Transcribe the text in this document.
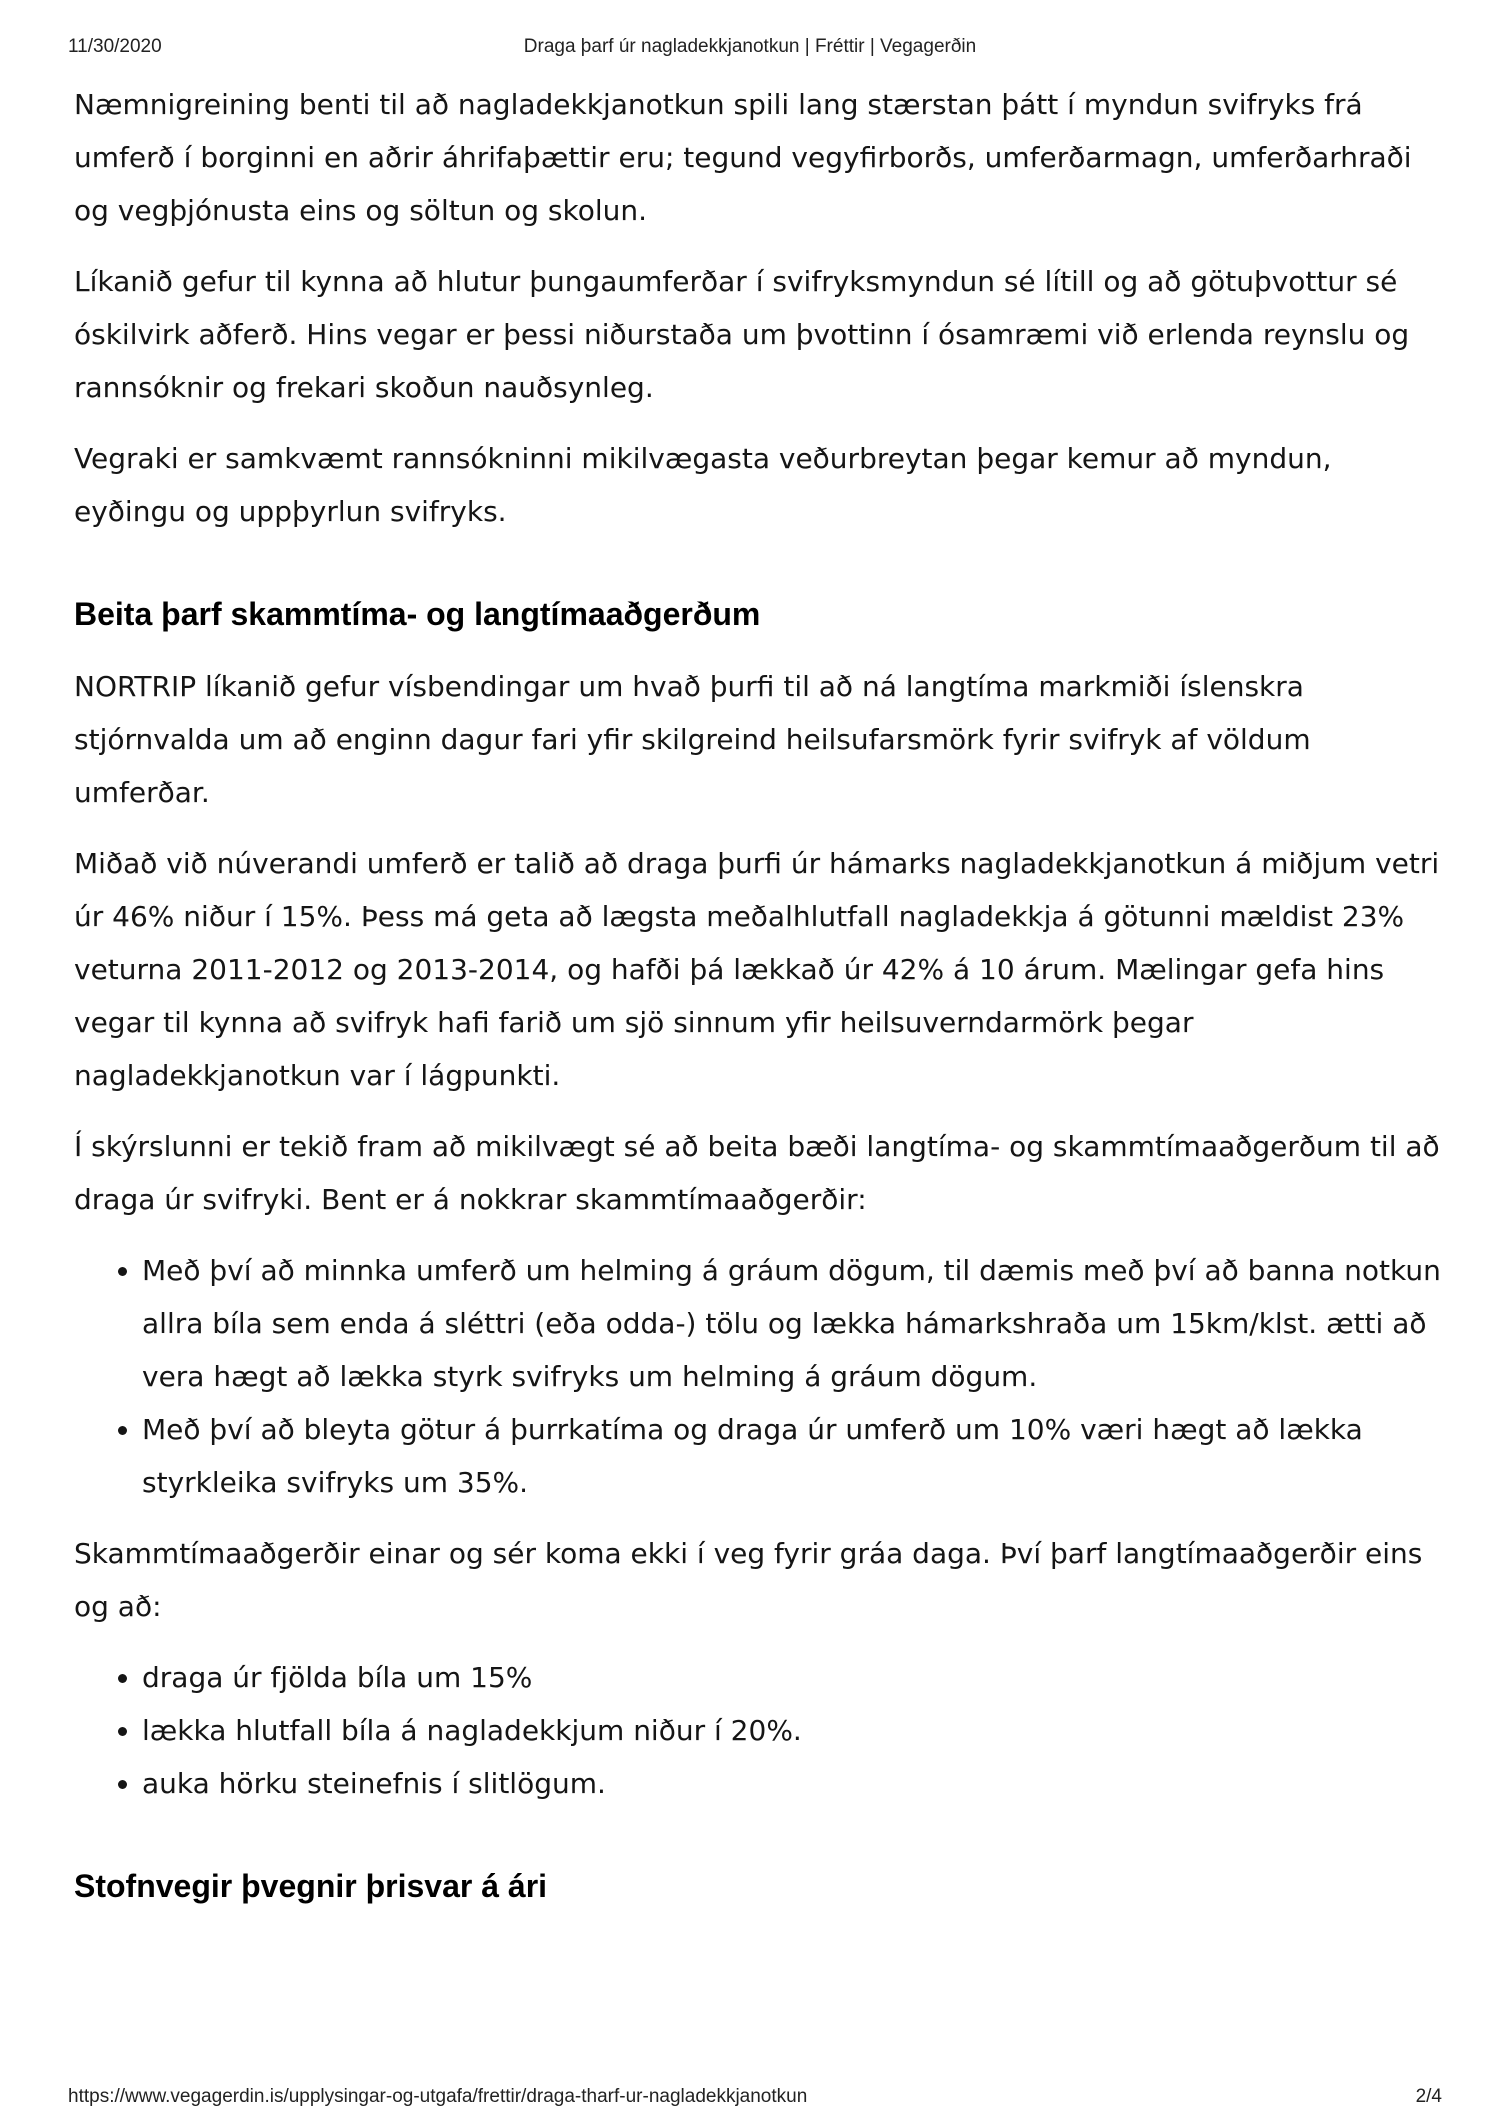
11/30/2020	Draga þarf úr nagladekkjanotkun | Fréttir | Vegagerðin

Næmnigreining benti til að nagladekkjanotkun spili lang stærstan þátt í myndun svifryks frá umferð í borginni en aðrir áhrifaþættir eru; tegund vegyfirborðs, umferðarmagn, umferðarhraði og vegþjónusta eins og söltun og skolun.

Líkanið gefur til kynna að hlutur þungaumferðar í svifryksmyndun sé lítill og að götuþvottur sé óskilvirk aðferð. Hins vegar er þessi niðurstaða um þvottinn í ósamræmi við erlenda reynslu og rannsóknir og frekari skoðun nauðsynleg.

Vegraki er samkvæmt rannsókninni mikilvægasta veðurbreytan þegar kemur að myndun, eyðingu og uppþyrlun svifryks.

Beita þarf skammtíma- og langtímaaðgerðum

NORTRIP líkanið gefur vísbendingar um hvað þurfi til að ná langtíma markmiði íslenskra stjórnvalda um að enginn dagur fari yfir skilgreind heilsufarsmörk fyrir svifryk af völdum umferðar.

Miðað við núverandi umferð er talið að draga þurfi úr hámarks nagladekkjanotkun á miðjum vetri úr 46% niður í 15%. Þess má geta að lægsta meðalhlutfall nagladekkja á götunni mældist 23% veturna 2011-2012 og 2013-2014, og hafði þá lækkað úr 42% á 10 árum. Mælingar gefa hins vegar til kynna að svifryk hafi farið um sjö sinnum yfir heilsuverndarmörk þegar nagladekkjanotkun var í lágpunkti.

Í skýrslunni er tekið fram að mikilvægt sé að beita bæði langtíma- og skammtímaaðgerðum til að draga úr svifryki. Bent er á nokkrar skammtímaaðgerðir:

• Með því að minnka umferð um helming á gráum dögum, til dæmis með því að banna notkun allra bíla sem enda á sléttri (eða odda-) tölu og lækka hámarkshraða um 15km/klst. ætti að vera hægt að lækka styrk svifryks um helming á gráum dögum.
• Með því að bleyta götur á þurrkatíma og draga úr umferð um 10% væri hægt að lækka styrkleika svifryks um 35%.

Skammtímaaðgerðir einar og sér koma ekki í veg fyrir gráa daga. Því þarf langtímaaðgerðir eins og að:

• draga úr fjölda bíla um 15%
• lækka hlutfall bíla á nagladekkjum niður í 20%.
• auka hörku steinefnis í slitlögum.
Stofnvegir þvegnir þrisvar á ári
https://www.vegagerdin.is/upplysingar-og-utgafa/frettir/draga-tharf-ur-nagladekkjanotkun	2/4
